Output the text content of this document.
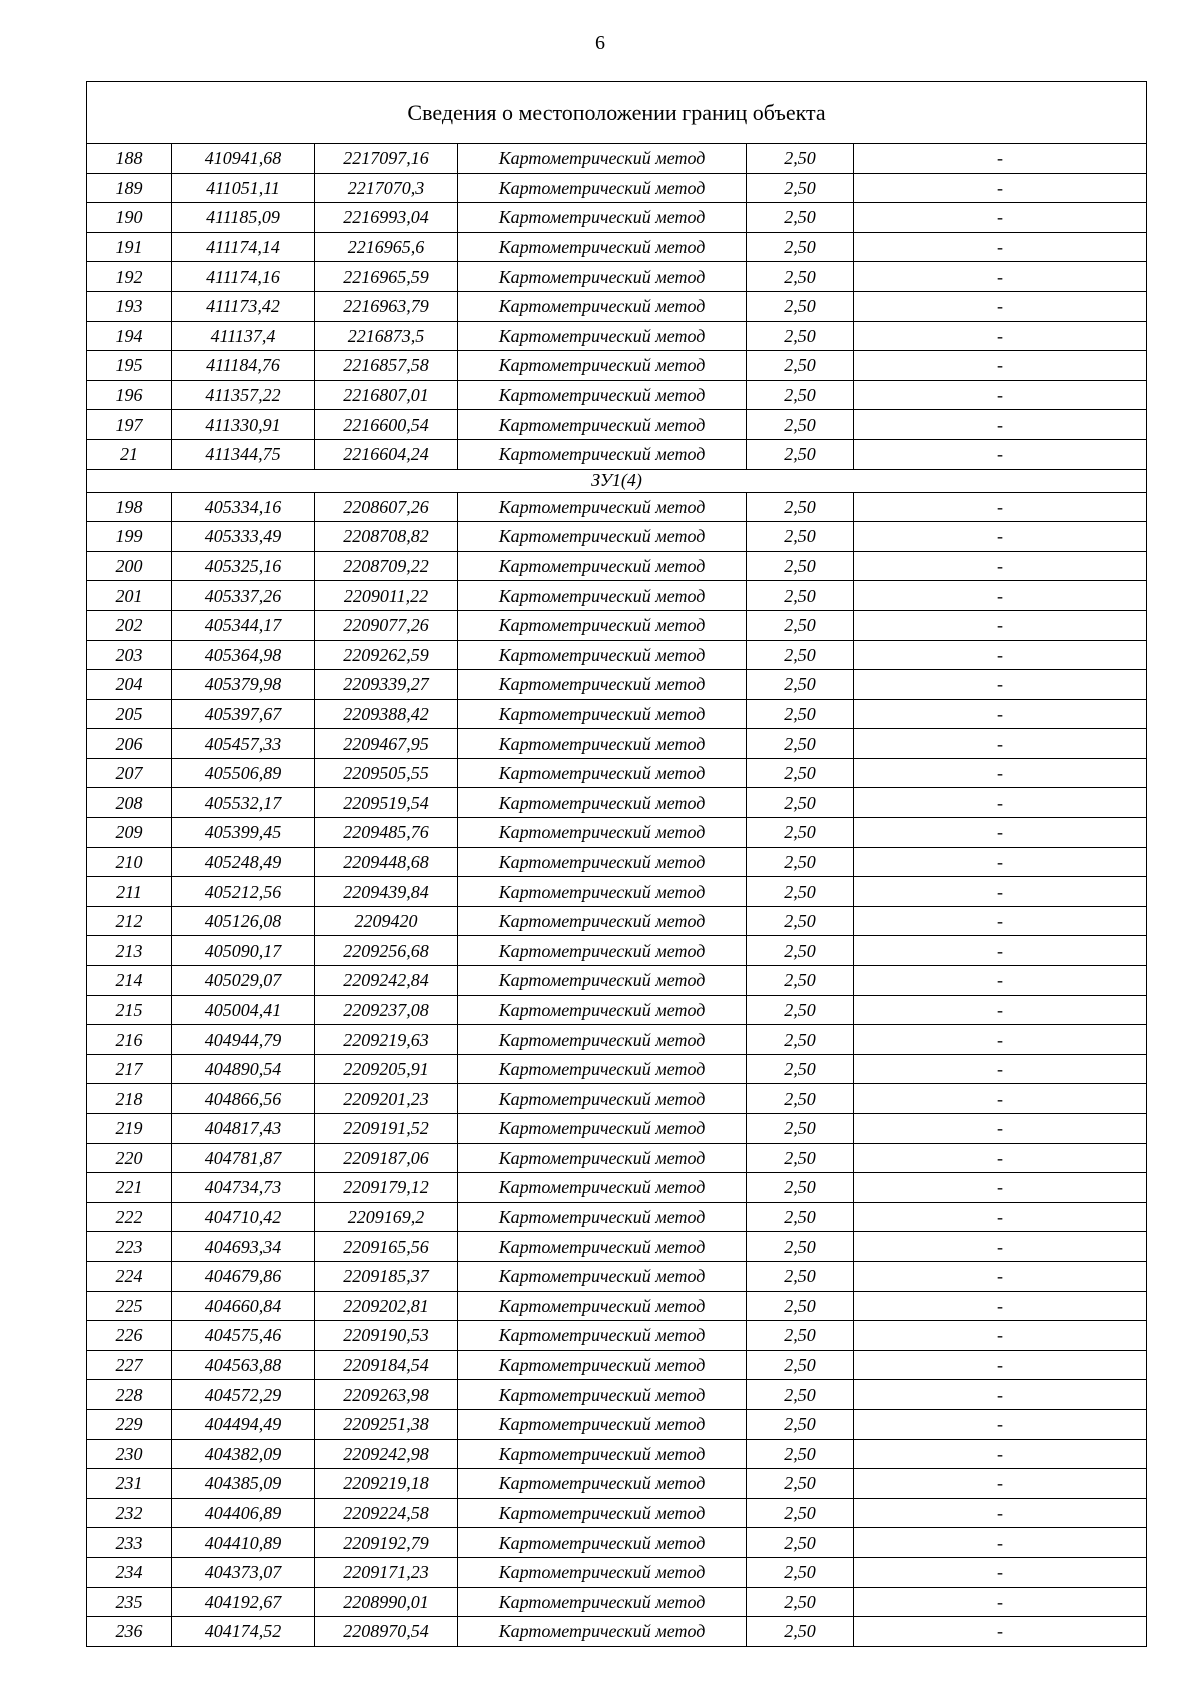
6
Сведения о местоположении границ объекта					
188	410941,68	2217097,16	Картометрический метод	2,50	-
189	411051,11	2217070,3	Картометрический метод	2,50	-
190	411185,09	2216993,04	Картометрический метод	2,50	-
191	411174,14	2216965,6	Картометрический метод	2,50	-
192	411174,16	2216965,59	Картометрический метод	2,50	-
193	411173,42	2216963,79	Картометрический метод	2,50	-
194	411137,4	2216873,5	Картометрический метод	2,50	-
195	411184,76	2216857,58	Картометрический метод	2,50	-
196	411357,22	2216807,01	Картометрический метод	2,50	-
197	411330,91	2216600,54	Картометрический метод	2,50	-
21	411344,75	2216604,24	Картометрический метод	2,50	-
ЗУ1(4)					
198	405334,16	2208607,26	Картометрический метод	2,50	-
199	405333,49	2208708,82	Картометрический метод	2,50	-
200	405325,16	2208709,22	Картометрический метод	2,50	-
201	405337,26	2209011,22	Картометрический метод	2,50	-
202	405344,17	2209077,26	Картометрический метод	2,50	-
203	405364,98	2209262,59	Картометрический метод	2,50	-
204	405379,98	2209339,27	Картометрический метод	2,50	-
205	405397,67	2209388,42	Картометрический метод	2,50	-
206	405457,33	2209467,95	Картометрический метод	2,50	-
207	405506,89	2209505,55	Картометрический метод	2,50	-
208	405532,17	2209519,54	Картометрический метод	2,50	-
209	405399,45	2209485,76	Картометрический метод	2,50	-
210	405248,49	2209448,68	Картометрический метод	2,50	-
211	405212,56	2209439,84	Картометрический метод	2,50	-
212	405126,08	2209420	Картометрический метод	2,50	-
213	405090,17	2209256,68	Картометрический метод	2,50	-
214	405029,07	2209242,84	Картометрический метод	2,50	-
215	405004,41	2209237,08	Картометрический метод	2,50	-
216	404944,79	2209219,63	Картометрический метод	2,50	-
217	404890,54	2209205,91	Картометрический метод	2,50	-
218	404866,56	2209201,23	Картометрический метод	2,50	-
219	404817,43	2209191,52	Картометрический метод	2,50	-
220	404781,87	2209187,06	Картометрический метод	2,50	-
221	404734,73	2209179,12	Картометрический метод	2,50	-
222	404710,42	2209169,2	Картометрический метод	2,50	-
223	404693,34	2209165,56	Картометрический метод	2,50	-
224	404679,86	2209185,37	Картометрический метод	2,50	-
225	404660,84	2209202,81	Картометрический метод	2,50	-
226	404575,46	2209190,53	Картометрический метод	2,50	-
227	404563,88	2209184,54	Картометрический метод	2,50	-
228	404572,29	2209263,98	Картометрический метод	2,50	-
229	404494,49	2209251,38	Картометрический метод	2,50	-
230	404382,09	2209242,98	Картометрический метод	2,50	-
231	404385,09	2209219,18	Картометрический метод	2,50	-
232	404406,89	2209224,58	Картометрический метод	2,50	-
233	404410,89	2209192,79	Картометрический метод	2,50	-
234	404373,07	2209171,23	Картометрический метод	2,50	-
235	404192,67	2208990,01	Картометрический метод	2,50	-
236	404174,52	2208970,54	Картометрический метод	2,50	-
